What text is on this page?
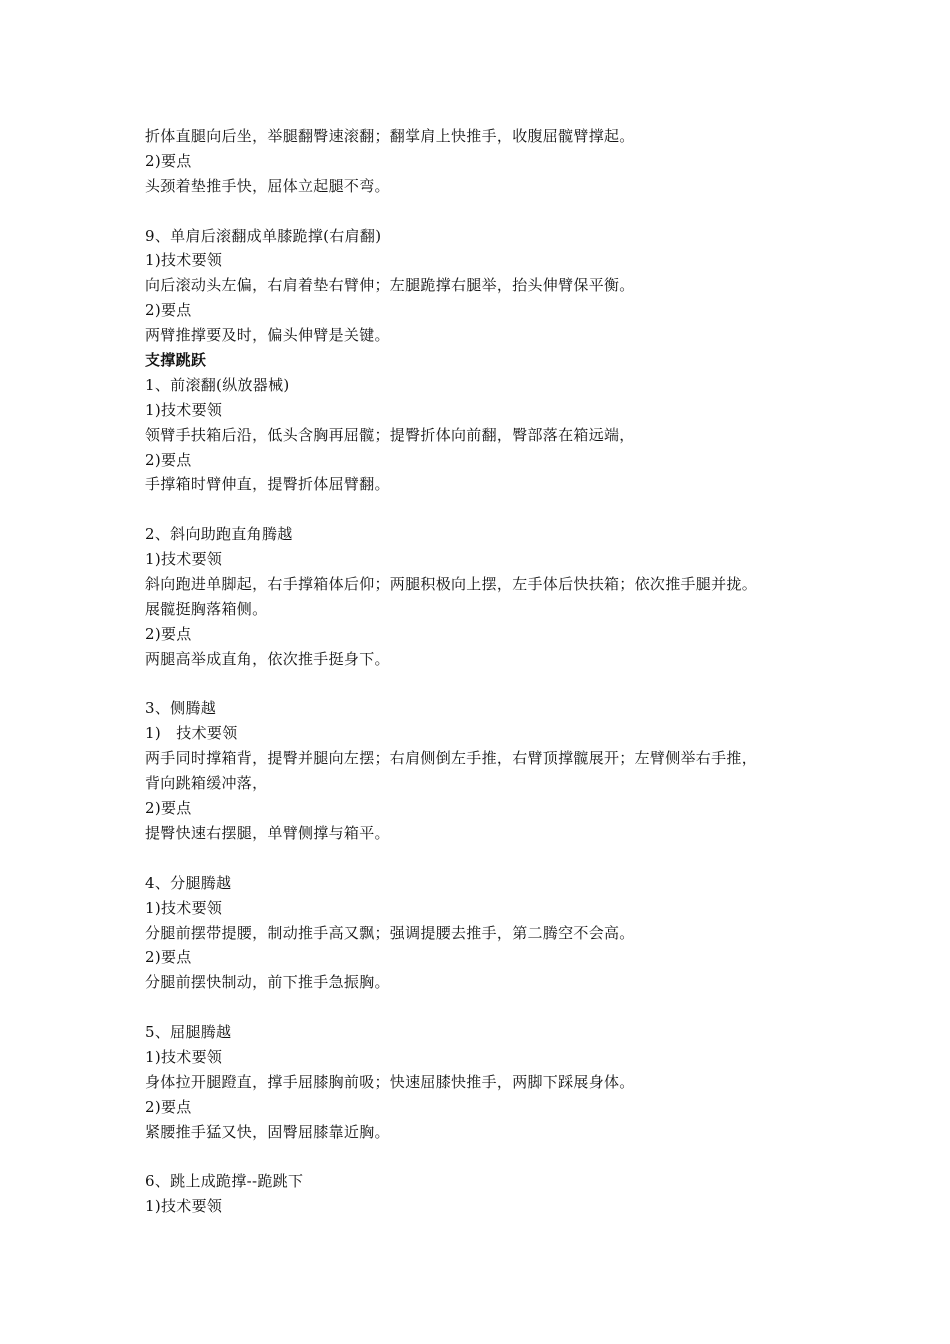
折体直腿向后坐，举腿翻臀速滚翻；翻掌肩上快推手，收腹屈髋臂撑起。
2)要点
头颈着垫推手快，屈体立起腿不弯。
9、单肩后滚翻成单膝跪撑(右肩翻)
1)技术要领
向后滚动头左偏，右肩着垫右臂伸；左腿跪撑右腿举，抬头伸臂保平衡。
2)要点
两臂推撑要及时，偏头伸臂是关键。
支撑跳跃
1、前滚翻(纵放器械)
1)技术要领
领臂手扶箱后沿，低头含胸再屈髋；提臀折体向前翻，臀部落在箱远端，
2)要点
手撑箱时臂伸直，提臀折体屈臂翻。
2、斜向助跑直角腾越
1)技术要领
斜向跑进单脚起，右手撑箱体后仰；两腿积极向上摆，左手体后快扶箱；依次推手腿并拢。
展髋挺胸落箱侧。
2)要点
两腿高举成直角，依次推手挺身下。
3、侧腾越
1)　技术要领
两手同时撑箱背，提臀并腿向左摆；右肩侧倒左手推，右臂顶撑髋展开；左臂侧举右手推，
背向跳箱缓冲落，
2)要点
提臀快速右摆腿，单臂侧撑与箱平。
4、分腿腾越
1)技术要领
分腿前摆带提腰，制动推手高又飘；强调提腰去推手，第二腾空不会高。
2)要点
分腿前摆快制动，前下推手急振胸。
5、屈腿腾越
1)技术要领
身体拉开腿蹬直，撑手屈膝胸前吸；快速屈膝快推手，两脚下踩展身体。
2)要点
紧腰推手猛又快，固臀屈膝靠近胸。
6、跳上成跪撑--跪跳下
1)技术要领
